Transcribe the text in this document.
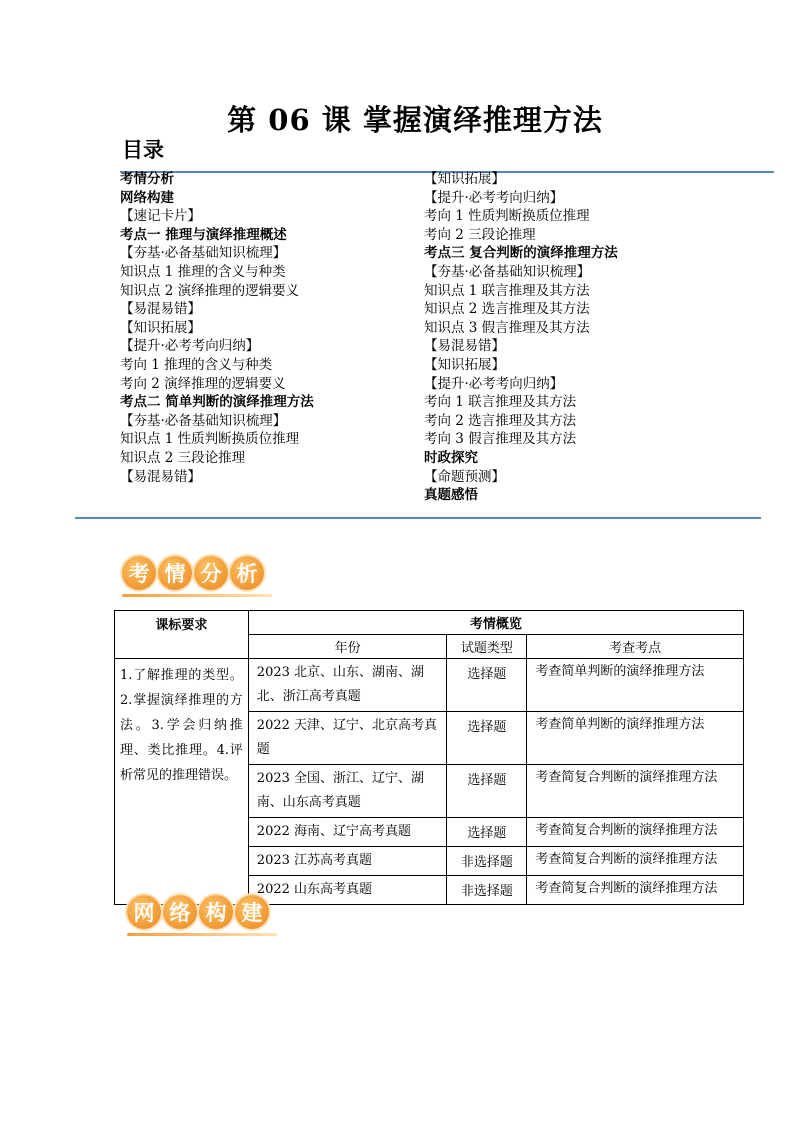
第 06 课 掌握演绎推理方法
目录
考情分析
网络构建
【速记卡片】
考点一 推理与演绎推理概述
【夯基·必备基础知识梳理】
知识点 1 推理的含义与种类
知识点 2 演绎推理的逻辑要义
【易混易错】
【知识拓展】
【提升·必考考向归纳】
考向 1 推理的含义与种类
考向 2 演绎推理的逻辑要义
考点二 简单判断的演绎推理方法
【夯基·必备基础知识梳理】
知识点 1 性质判断换质位推理
知识点 2 三段论推理
【易混易错】
【知识拓展】
【提升·必考考向归纳】
考向 1 性质判断换质位推理
考向 2 三段论推理
考点三 复合判断的演绎推理方法
【夯基·必备基础知识梳理】
知识点 1 联言推理及其方法
知识点 2 选言推理及其方法
知识点 3 假言推理及其方法
【易混易错】
【知识拓展】
【提升·必考考向归纳】
考向 1 联言推理及其方法
考向 2 选言推理及其方法
考向 3 假言推理及其方法
时政探究
【命题预测】
真题感悟
考 情 分 析
课标要求	考情概览		
	年份	试题类型	考查考点
1.了解推理的类型。2.掌握演绎推理的方法。3.学会归纳推理、类比推理。4.评析常见的推理错误。	2023 北京、山东、湖南、湖北、浙江高考真题	选择题	考查简单判断的演绎推理方法
	2022 天津、辽宁、北京高考真题	选择题	考查简单判断的演绎推理方法
	2023 全国、浙江、辽宁、湖南、山东高考真题	选择题	考查简复合判断的演绎推理方法
	2022 海南、辽宁高考真题	选择题	考查简复合判断的演绎推理方法
	2023 江苏高考真题	非选择题	考查简复合判断的演绎推理方法
	2022 山东高考真题	非选择题	考查简复合判断的演绎推理方法
网 络 构 建
